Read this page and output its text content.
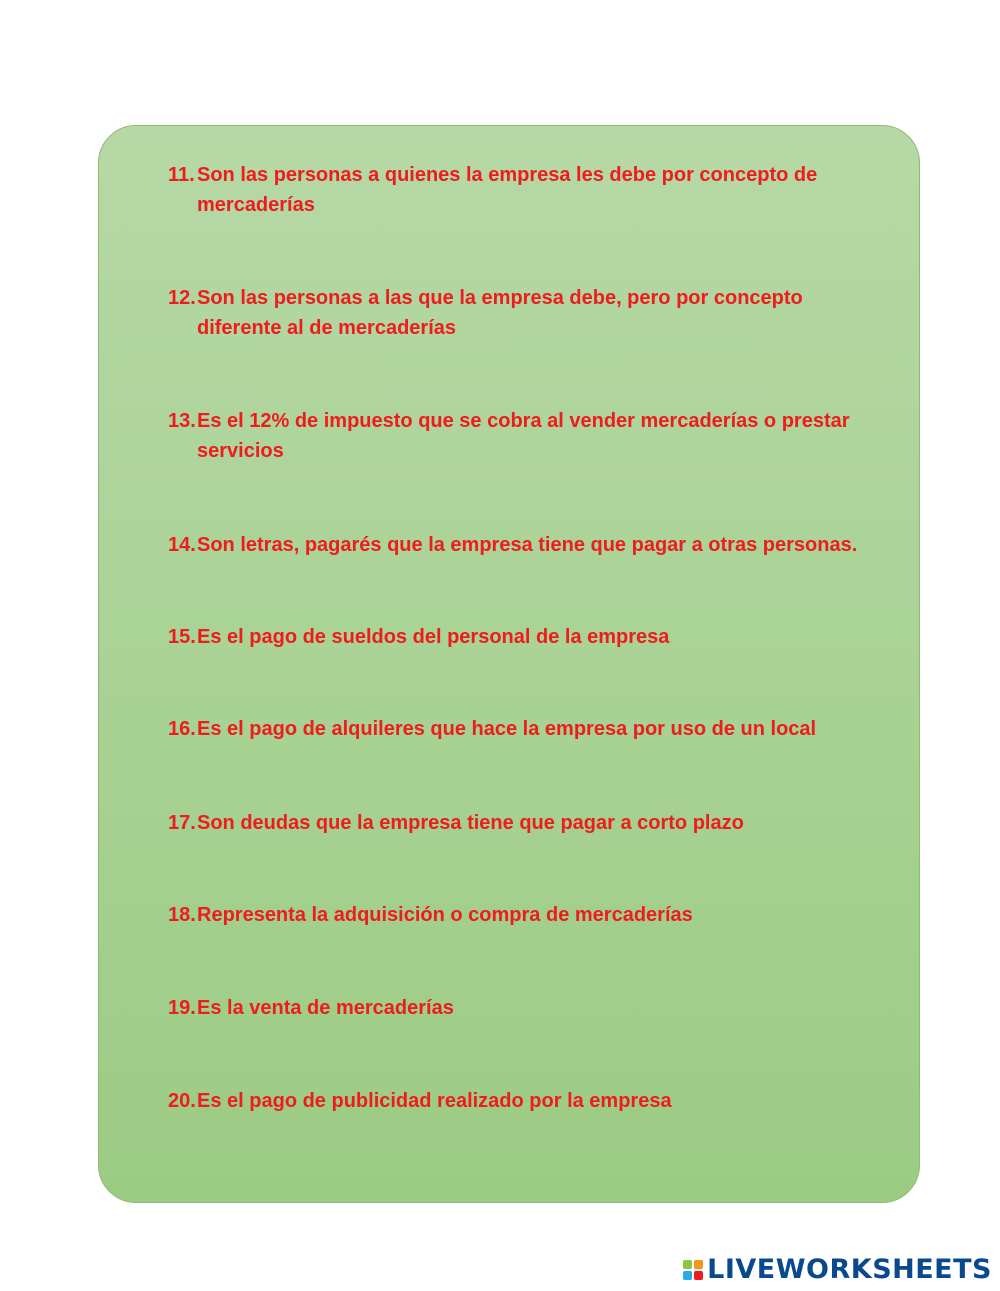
11. Son las personas a quienes la empresa les debe por concepto de mercaderías
12. Son las personas a las que la empresa debe, pero por concepto diferente al de mercaderías
13. Es el 12% de impuesto que se cobra al vender mercaderías o prestar servicios
14. Son letras, pagarés que la empresa tiene que pagar a otras personas.
15. Es el pago de sueldos del personal de la empresa
16. Es el pago de alquileres que hace la empresa por uso de un local
17. Son deudas que la empresa tiene que pagar a corto plazo
18. Representa la adquisición o compra de mercaderías
19. Es la venta de mercaderías
20. Es el pago de publicidad realizado por la empresa
LIVEWORKSHEETS
